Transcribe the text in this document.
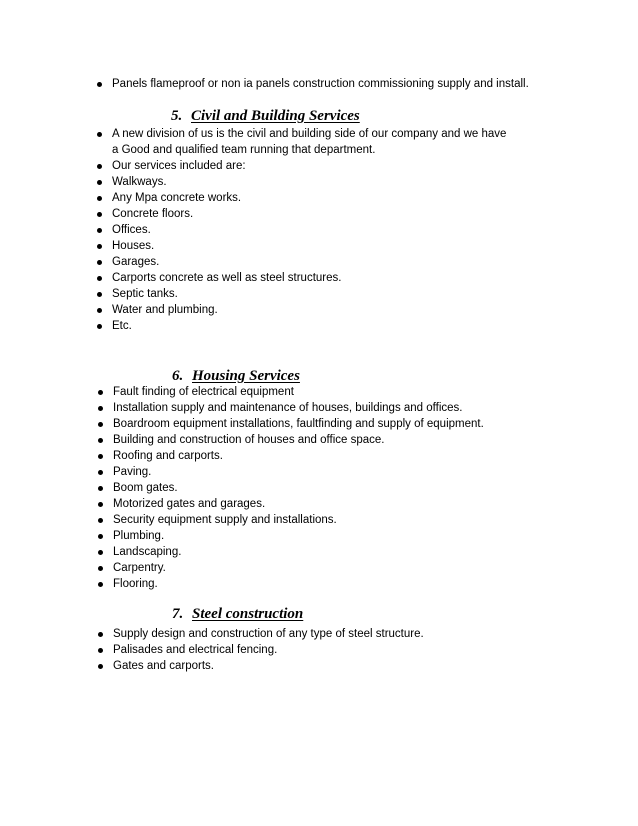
Panels flameproof or non ia panels construction commissioning supply and install.
5. Civil and Building Services
A new division of us is the civil and building side of our company and we have a Good and qualified team running that department.
Our services included are:
Walkways.
Any Mpa concrete works.
Concrete floors.
Offices.
Houses.
Garages.
Carports concrete as well as steel structures.
Septic tanks.
Water and plumbing.
Etc.
6. Housing Services
Fault finding of electrical equipment
Installation supply and maintenance of houses, buildings and offices.
Boardroom equipment installations, faultfinding and supply of equipment.
Building and construction of houses and office space.
Roofing and carports.
Paving.
Boom gates.
Motorized gates and garages.
Security equipment supply and installations.
Plumbing.
Landscaping.
Carpentry.
Flooring.
7. Steel construction
Supply design and construction of any type of steel structure.
Palisades and electrical fencing.
Gates and carports.
